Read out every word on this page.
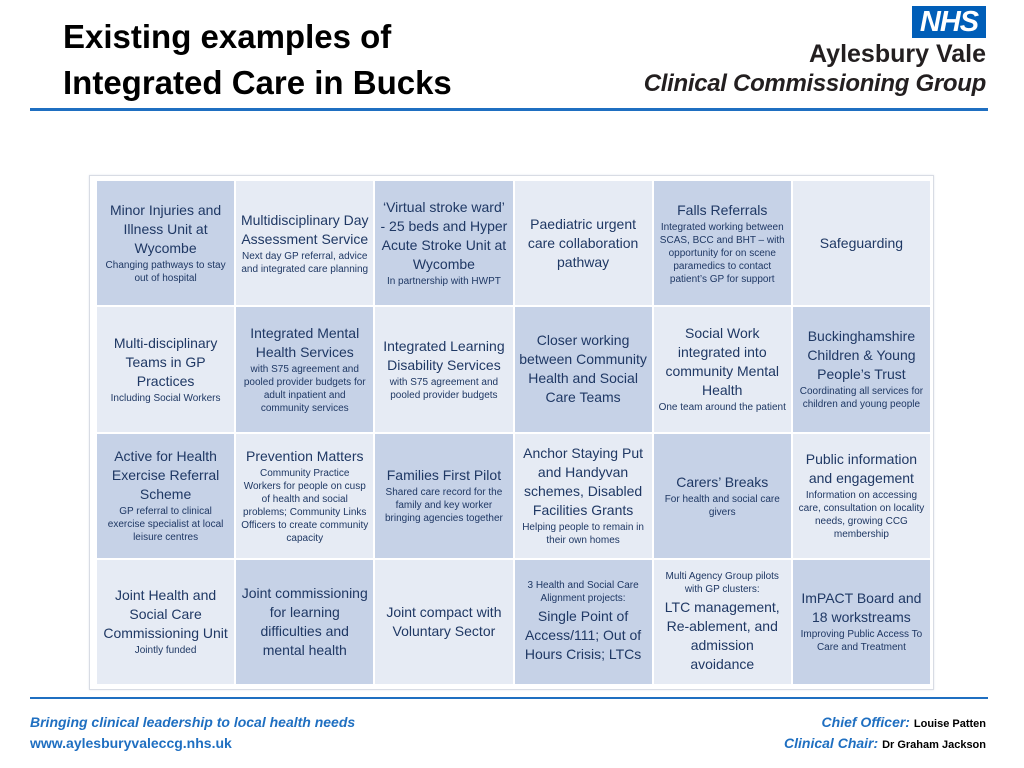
Existing examples of
Integrated Care in Bucks
NHS
Aylesbury Vale
Clinical Commissioning Group
Minor Injuries and Illness Unit at Wycombe
Changing pathways to stay out of hospital
Multidisciplinary Day Assessment Service
Next day GP referral, advice and integrated care planning
‘Virtual stroke ward’ - 25 beds and Hyper Acute Stroke Unit at Wycombe
In partnership with HWPT
Paediatric urgent care collaboration pathway
Falls Referrals
Integrated working between SCAS, BCC and BHT – with opportunity for on scene paramedics to contact patient’s GP for support
Safeguarding
Multi-disciplinary Teams in GP Practices
Including Social Workers
Integrated Mental Health Services
with S75 agreement and pooled provider budgets for adult inpatient and community services
Integrated Learning Disability Services
with S75 agreement and pooled provider budgets
Closer working between Community Health and Social Care Teams
Social Work integrated into community Mental Health
One team around the patient
Buckinghamshire Children & Young People’s Trust
Coordinating all services for children and young people
Active for Health Exercise Referral Scheme
GP referral to clinical exercise specialist at local leisure centres
Prevention Matters
Community Practice Workers for people on cusp of health and social problems; Community Links Officers to create community capacity
Families First Pilot
Shared care record for the family and key worker bringing agencies together
Anchor Staying Put and Handyvan schemes, Disabled Facilities Grants
Helping people to remain in their own homes
Carers’ Breaks
For health and social care givers
Public information and engagement
Information on accessing care, consultation on locality needs, growing CCG membership
Joint Health and Social Care Commissioning Unit
Jointly funded
Joint commissioning for learning difficulties and mental health
Joint compact with Voluntary Sector
3 Health and Social Care Alignment projects:
Single Point of Access/111; Out of Hours Crisis; LTCs
Multi Agency Group pilots with GP clusters:
LTC management, Re-ablement, and admission avoidance
ImPACT Board and 18 workstreams
Improving Public Access To Care and Treatment
Bringing clinical leadership to local health needs
www.aylesburyvaleccg.nhs.uk
Chief Officer: Louise Patten
Clinical Chair: Dr Graham Jackson
